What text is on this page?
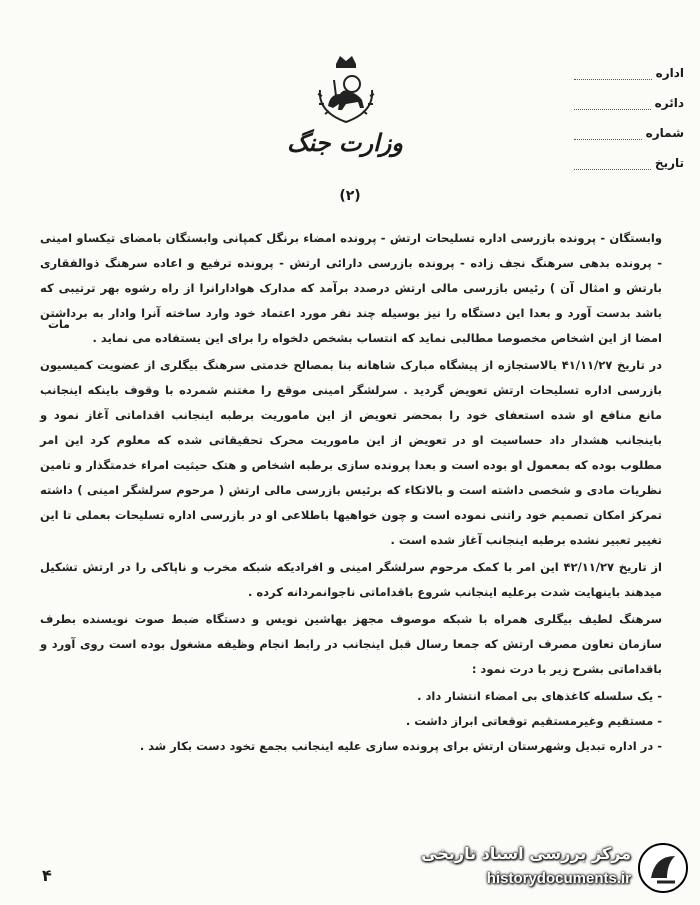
اداره
دائره
شماره
تاریخ
وزارت جنگ
(۲)

وابستگان - پرونده بازرسی اداره تسلیحات ارتش - پرونده امضاء برنگل کمپانی وابستگان بامضای تیکساو امینی - پرونده بدهی سرهنگ نجف زاده - پرونده بازرسی دارائی ارتش - پرونده ترفیع و اعاده سرهنگ ذوالفقاری بارتش و امثال آن ) رئیس بازرسی مالی ارتش درصدد برآمد که مدارک هوادارانرا از راه رشوه بهر ترتیبی که باشد بدست آورد و بعدا این دستگاه را نیز بوسیله چند نفر مورد اعتماد خود وارد ساخته آنرا وادار به برداشتن امضا از این اشخاص مخصوصا مطالبی نماید که انتساب بشخص دلخواه را برای این یستفاده می نماید .

در تاریخ ۴۱/۱۱/۲۷ بالاستجازه از پیشگاه مبارک شاهانه بنا بمصالح خدمتی سرهنگ بیگلری از عضویت کمیسیون بازرسی اداره تسلیحات ارتش تعویض گردید . سرلشگر امینی موقع را مغتنم شمرده با وقوف باینکه اینجانب مانع منافع او شده استعفای خود را بمحضر تعویض از این ماموریت برطبه اینجانب اقداماتی آغاز نمود و باینجانب هشدار داد حساسیت او در تعویض از این ماموریت محرک تحقیقاتی شده که معلوم کرد این امر مطلوب بوده که بمعمول او بوده است و بعدا پرونده سازی برطبه اشخاص و هتک حیثیت امراء خدمتگذار و تامین نظریات مادی و شخصی داشته است و بالاتکاء که برئیس بازرسی مالی ارتش ( مرحوم سرلشگر امینی ) داشته تمرکز امکان تصمیم خود راتنی نموده است و چون خواهیها باطلاعی او در بازرسی اداره تسلیحات بعملی تا این تغییر تعبیر نشده برطبه اینجانب آغاز شده است .

از تاریخ ۴۲/۱۱/۲۷ این امر با کمک مرحوم سرلشگر امینی و افرادیکه شبکه مخرب و ناپاکی را در ارتش تشکیل میدهند باینهایت شدت برعلیه اینجانب شروع باقداماتی ناجوانمردانه کرده .

سرهنگ لطیف بیگلری همراه با شبکه موصوف مجهز بهاشین نویس و دستگاه ضبط صوت نویسنده بطرف سازمان تعاون مصرف ارتش که جمعا رسال قبل اینجانب در رابط انجام وظیفه مشغول بوده است روی آورد و باقداماتی بشرح زیر با درت نمود :

- یک سلسله کاغذهای بی امضاء انتشار داد .

- مستقیم وغیرمستقیم توقعاتی ابراز داشت .

- در اداره تبدیل وشهرستان ارتش برای پرونده سازی علیه اینجانب بجمع تخود دست بکار شد .

مات
۴
مرکز بررسی اسناد تاریخی
historydocuments.ir
